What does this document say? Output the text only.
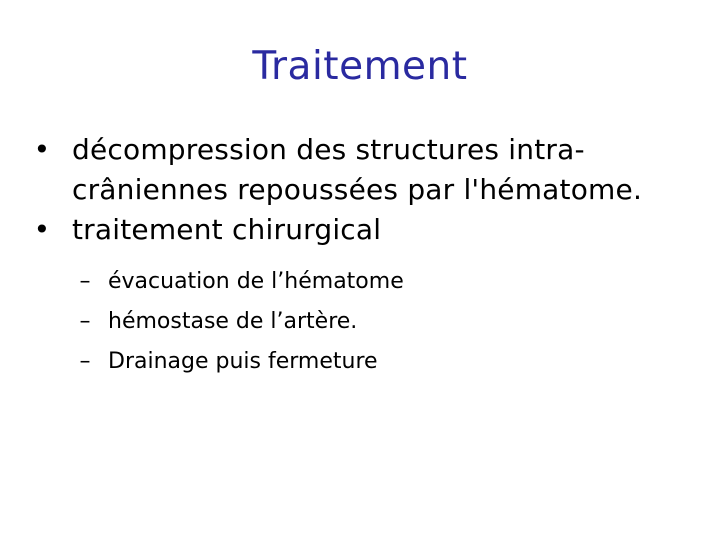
Traitement
• décompression des structures intra-crâniennes repoussées par l'hématome.
• traitement chirurgical
– évacuation de l’hématome
– hémostase de l’artère.
– Drainage puis fermeture
